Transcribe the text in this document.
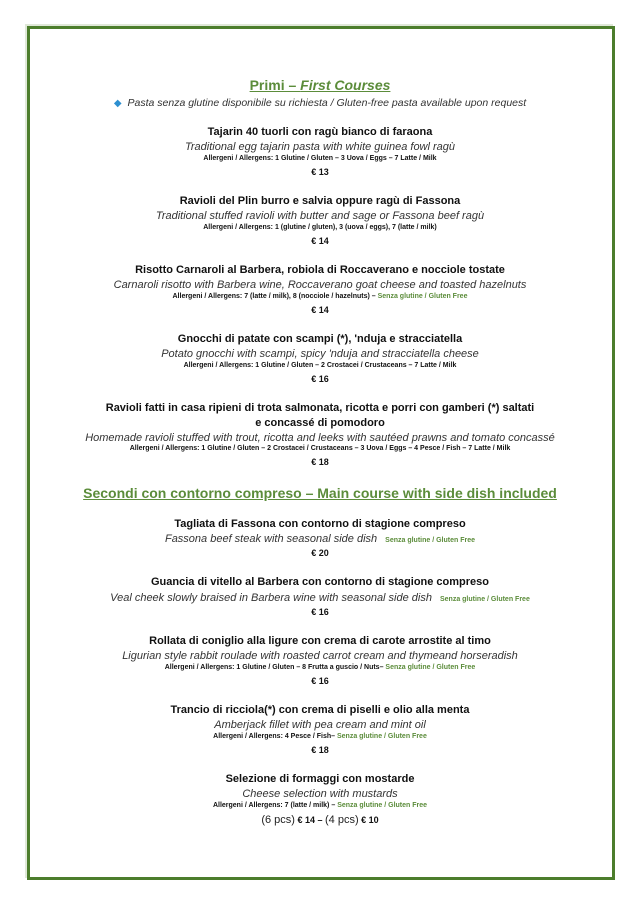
Primi – First Courses
◆ Pasta senza glutine disponibile su richiesta / Gluten-free pasta available upon request
Tajarin 40 tuorli con ragù bianco di faraona
Traditional egg tajarin pasta with white guinea fowl ragù
Allergeni / Allergens: 1 Glutine / Gluten – 3 Uova / Eggs – 7 Latte / Milk
€ 13
Ravioli del Plin burro e salvia oppure ragù di Fassona
Traditional stuffed ravioli with butter and sage or Fassona beef ragù
Allergeni / Allergens: 1 (glutine / gluten), 3 (uova / eggs), 7 (latte / milk)
€ 14
Risotto Carnaroli al Barbera, robiola di Roccaverano e nocciole tostate
Carnaroli risotto with Barbera wine, Roccaverano goat cheese and toasted hazelnuts
Allergeni / Allergens: 7 (latte / milk), 8 (nocciole / hazelnuts) – Senza glutine / Gluten Free
€ 14
Gnocchi di patate con scampi (*), 'nduja e stracciatella
Potato gnocchi with scampi, spicy 'nduja and stracciatella cheese
Allergeni / Allergens: 1 Glutine / Gluten – 2 Crostacei / Crustaceans – 7 Latte / Milk
€ 16
Ravioli fatti in casa ripieni di trota salmonata, ricotta e porri con gamberi (*) saltati
e concassé di pomodoro
Homemade ravioli stuffed with trout, ricotta and leeks with sautéed prawns and tomato concassé
Allergeni / Allergens: 1 Glutine / Gluten – 2 Crostacei / Crustaceans – 3 Uova / Eggs – 4 Pesce / Fish – 7 Latte / Milk
€ 18
Secondi con contorno compreso – Main course with side dish included
Tagliata di Fassona con contorno di stagione compreso
Fassona beef steak with seasonal side dish Senza glutine / Gluten Free
€ 20
Guancia di vitello al Barbera con contorno di stagione compreso
Veal cheek slowly braised in Barbera wine with seasonal side dish Senza glutine / Gluten Free
€ 16
Rollata di coniglio alla ligure con crema di carote arrostite al timo
Ligurian style rabbit roulade with roasted carrot cream and thymeand horseradish
Allergeni / Allergens: 1 Glutine / Gluten – 8 Frutta a guscio / Nuts– Senza glutine / Gluten Free
€ 16
Trancio di ricciola(*) con crema di piselli e olio alla menta
Amberjack fillet with pea cream and mint oil
Allergeni / Allergens: 4 Pesce / Fish– Senza glutine / Gluten Free
€ 18
Selezione di formaggi con mostarde
Cheese selection with mustards
Allergeni / Allergens: 7 (latte / milk) – Senza glutine / Gluten Free
(6 pcs) € 14 – (4 pcs) € 10
